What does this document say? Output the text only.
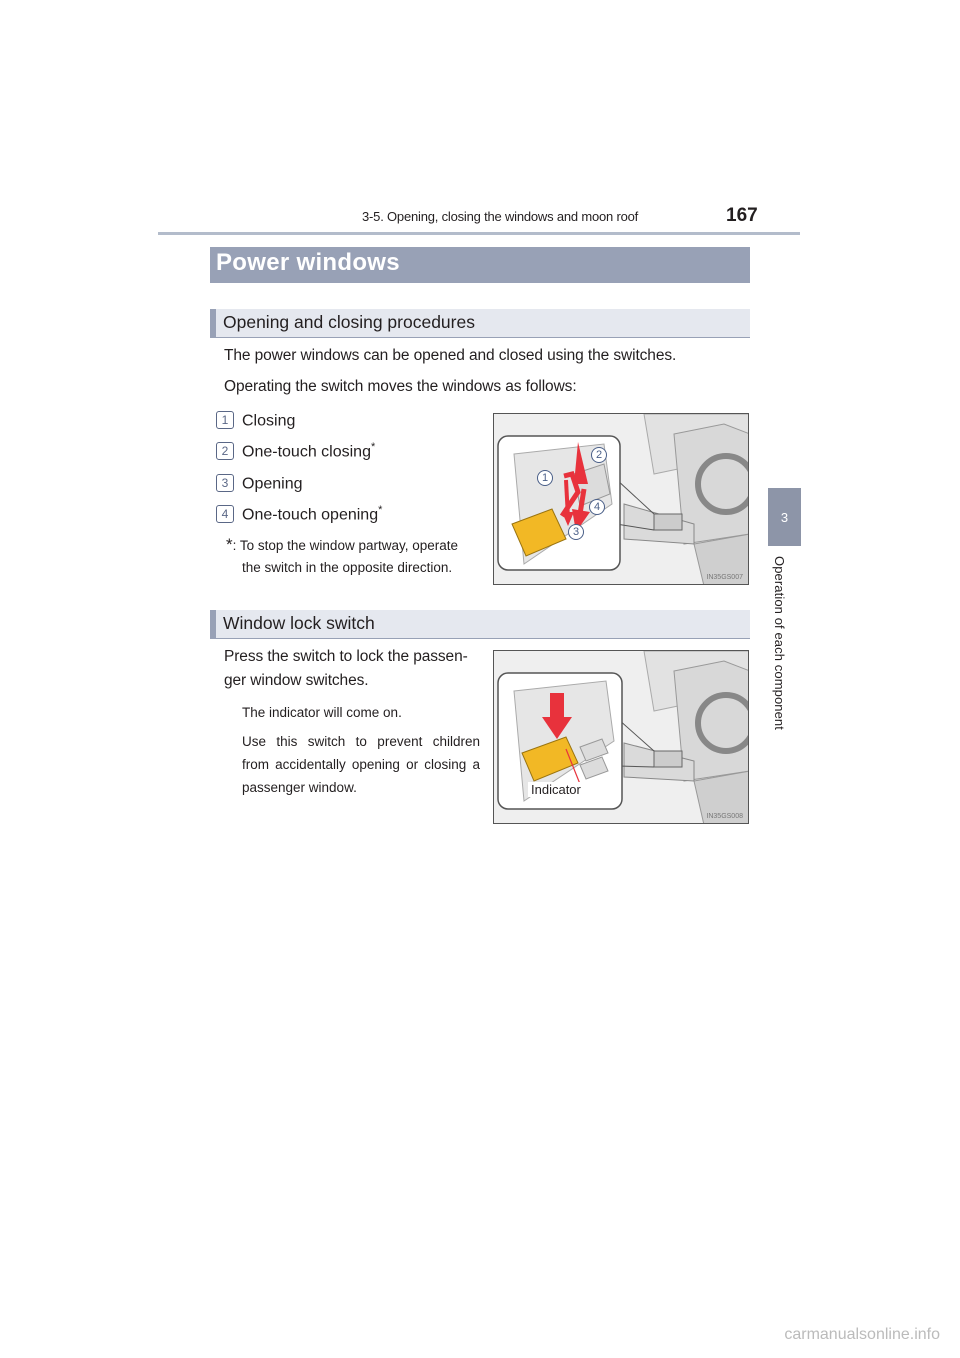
3-5. Opening, closing the windows and moon roof	167
3
Operation of each component
Power windows
Opening and closing procedures
The power windows can be opened and closed using the switches.
Operating the switch moves the windows as follows:
1 Closing
2 One-touch closing*
3 Opening
4 One-touch opening*
*: To stop the window partway, operate
the switch in the opposite direction.
1
2
3
4
IN35GS007
Window lock switch
Press the switch to lock the passen-
ger window switches.
The indicator will come on.
Use this switch to prevent children
from accidentally opening or closing a
passenger window.	Indicator
IN35GS008
carmanualsonline.info
